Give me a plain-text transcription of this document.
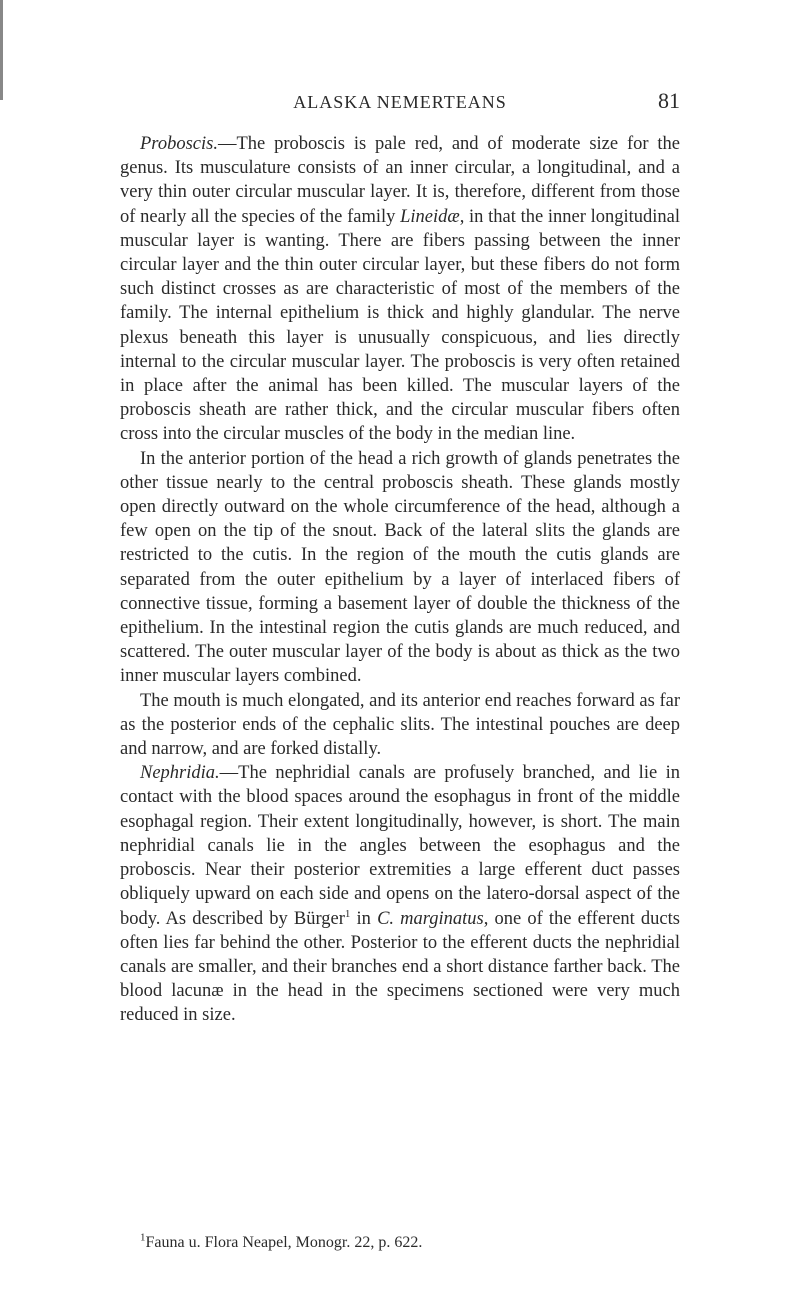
ALASKA NEMERTEANS	81

Proboscis.—The proboscis is pale red, and of moderate size for the genus. Its musculature consists of an inner circular, a longitudinal, and a very thin outer circular muscular layer. It is, therefore, different from those of nearly all the species of the family Lineidæ, in that the inner longitudinal muscular layer is wanting. There are fibers passing between the inner circular layer and the thin outer circular layer, but these fibers do not form such distinct crosses as are characteristic of most of the members of the family. The internal epithelium is thick and highly glandular. The nerve plexus beneath this layer is unusually conspicuous, and lies directly internal to the circular muscular layer. The proboscis is very often retained in place after the animal has been killed. The muscular layers of the proboscis sheath are rather thick, and the circular muscular fibers often cross into the circular muscles of the body in the median line.

In the anterior portion of the head a rich growth of glands penetrates the other tissue nearly to the central proboscis sheath. These glands mostly open directly outward on the whole circumference of the head, although a few open on the tip of the snout. Back of the lateral slits the glands are restricted to the cutis. In the region of the mouth the cutis glands are separated from the outer epithelium by a layer of interlaced fibers of connective tissue, forming a basement layer of double the thickness of the epithelium. In the intestinal region the cutis glands are much reduced, and scattered. The outer muscular layer of the body is about as thick as the two inner muscular layers combined.

The mouth is much elongated, and its anterior end reaches forward as far as the posterior ends of the cephalic slits. The intestinal pouches are deep and narrow, and are forked distally.

Nephridia.—The nephridial canals are profusely branched, and lie in contact with the blood spaces around the esophagus in front of the middle esophagal region. Their extent longitudinally, however, is short. The main nephridial canals lie in the angles between the esophagus and the proboscis. Near their posterior extremities a large efferent duct passes obliquely upward on each side and opens on the latero-dorsal aspect of the body. As described by Bürger$^1$ in C. marginatus, one of the efferent ducts often lies far behind the other. Posterior to the efferent ducts the nephridial canals are smaller, and their branches end a short distance farther back. The blood lacunæ in the head in the specimens sectioned were very much reduced in size.

$^1$Fauna u. Flora Neapel, Monogr. 22, p. 622.
